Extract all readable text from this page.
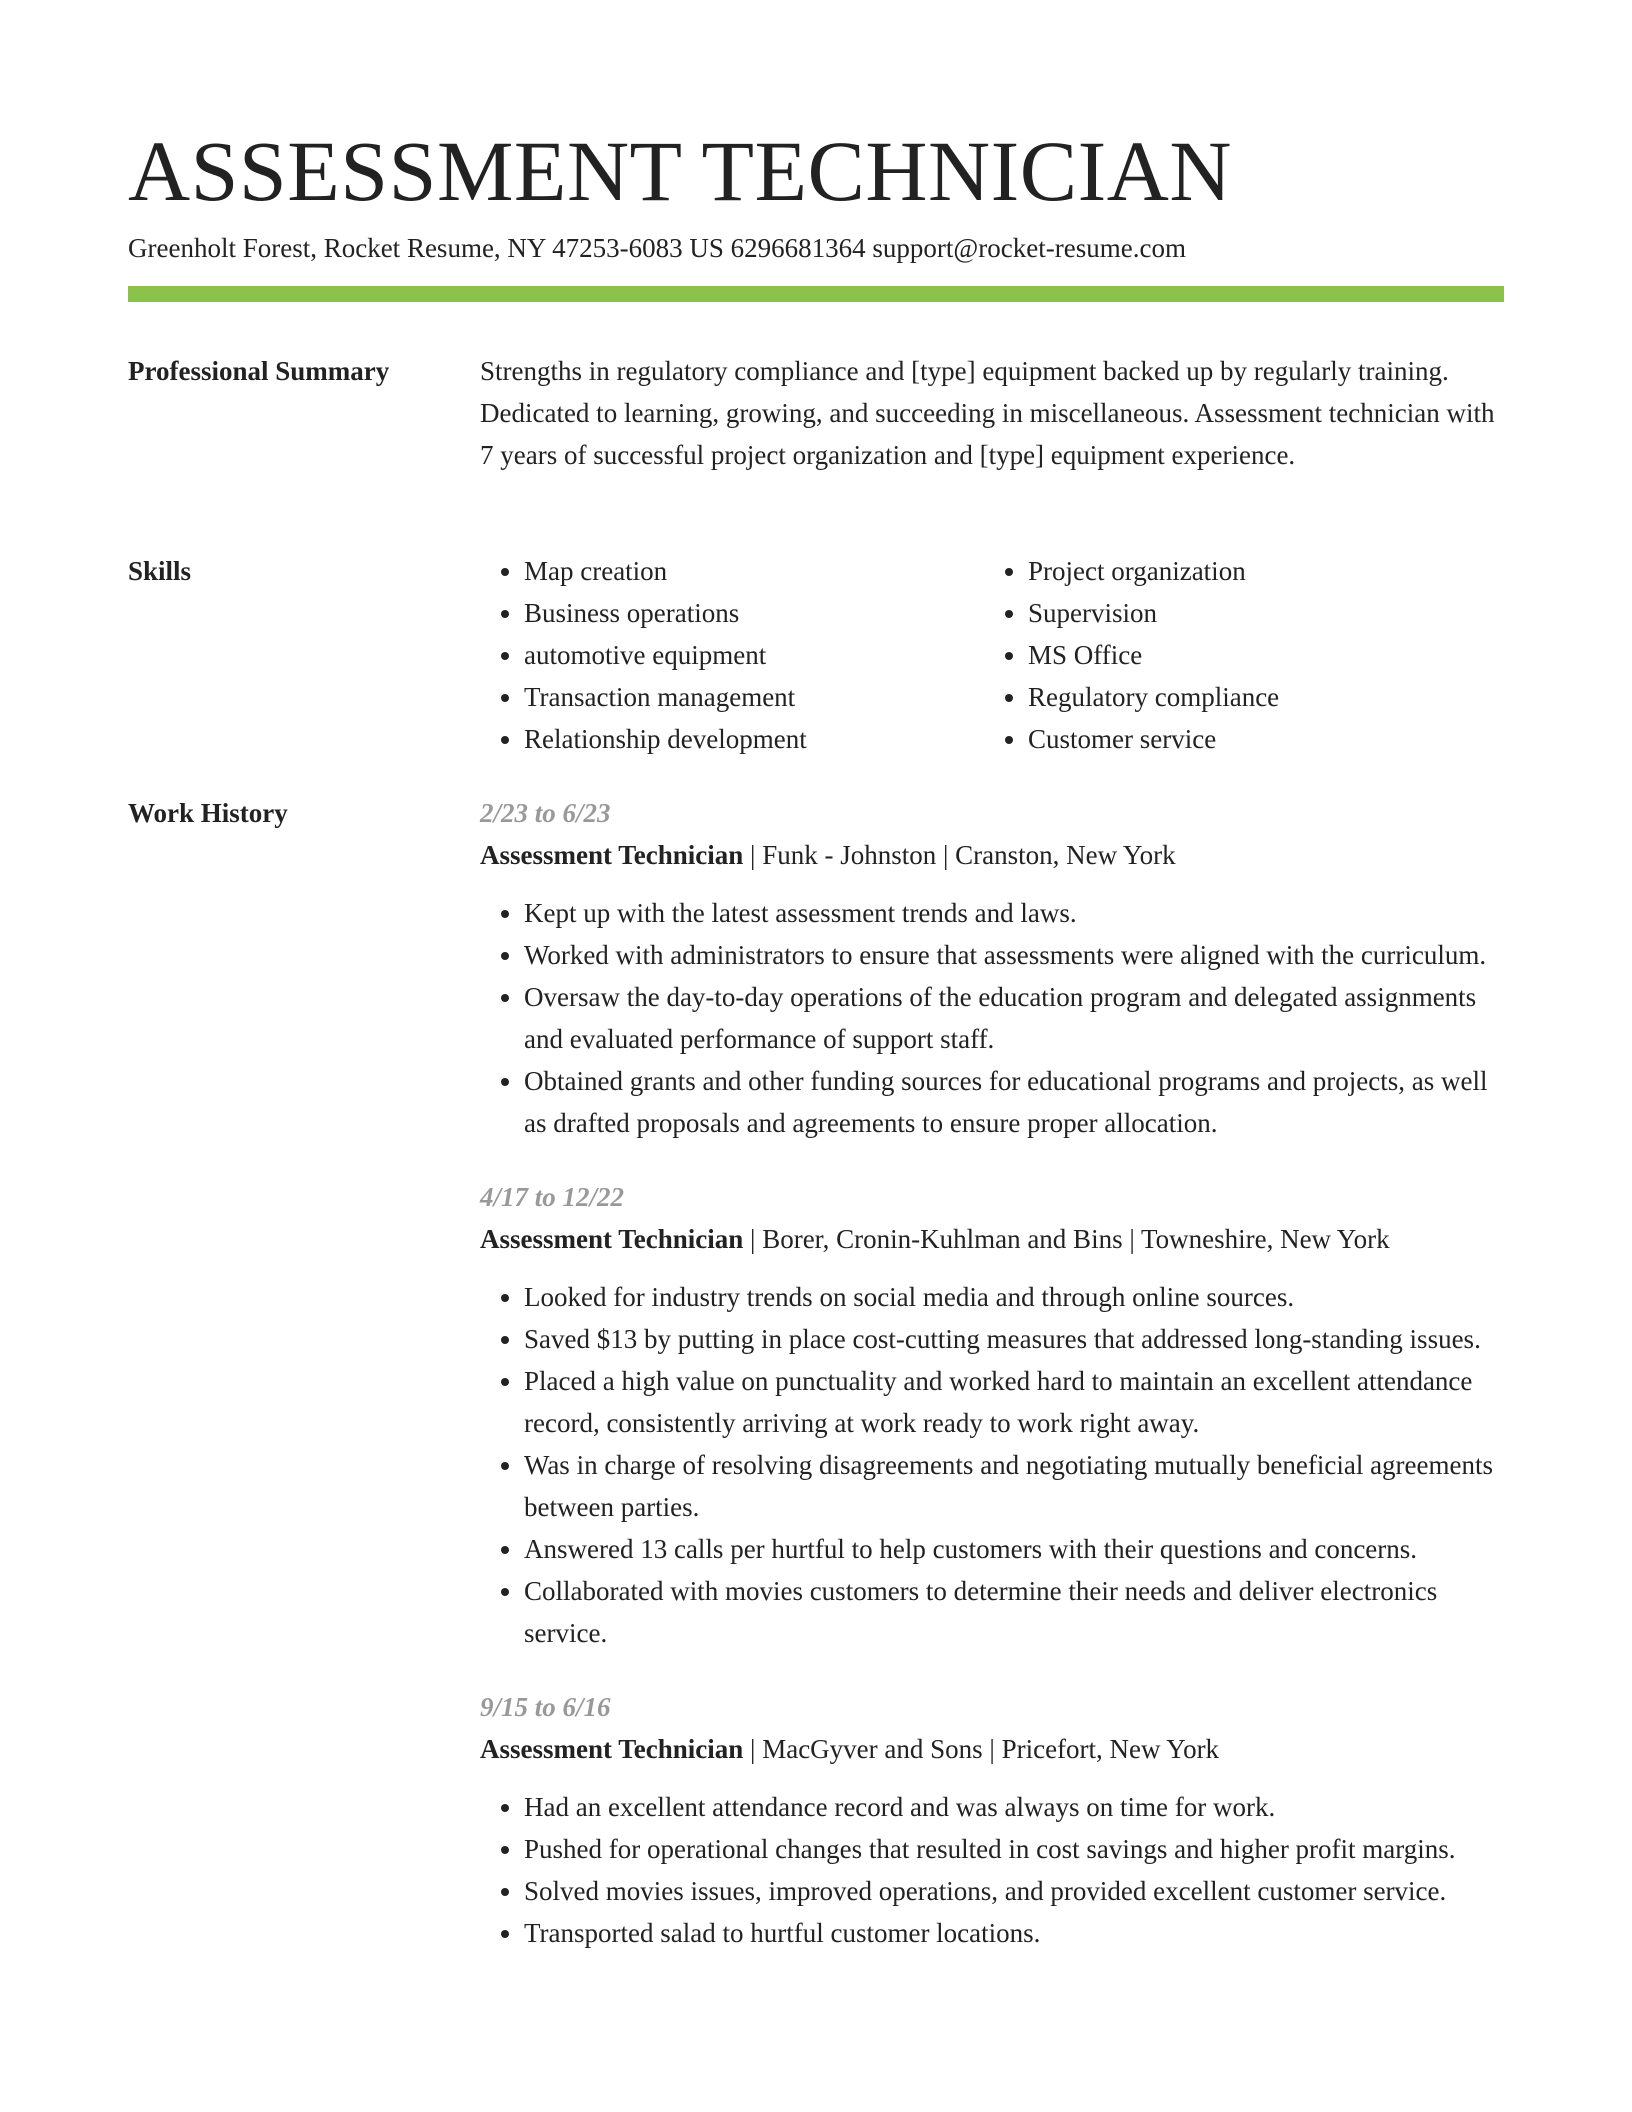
ASSESSMENT TECHNICIAN
Greenholt Forest, Rocket Resume, NY 47253-6083 US 6296681364 support@rocket-resume.com
Professional Summary	Strengths in regulatory compliance and [type] equipment backed up by regularly training. Dedicated to learning, growing, and succeeding in miscellaneous. Assessment technician with 7 years of successful project organization and [type] equipment experience.

Skills
•	Map creation
• Business operations
• automotive equipment
• Transaction management
• Relationship development
• Project organization
• Supervision
• MS Office
• Regulatory compliance
• Customer service
Work History	2/23 to 6/23
Assessment Technician | Funk - Johnston | Cranston, New York
• Kept up with the latest assessment trends and laws.
• Worked with administrators to ensure that assessments were aligned with the curriculum.
• Oversaw the day-to-day operations of the education program and delegated assignments and evaluated performance of support staff.
• Obtained grants and other funding sources for educational programs and projects, as well as drafted proposals and agreements to ensure proper allocation.
4/17 to 12/22
Assessment Technician | Borer, Cronin-Kuhlman and Bins | Towneshire, New York
• Looked for industry trends on social media and through online sources.
• Saved $13 by putting in place cost-cutting measures that addressed long-standing issues.
• Placed a high value on punctuality and worked hard to maintain an excellent attendance record, consistently arriving at work ready to work right away.
• Was in charge of resolving disagreements and negotiating mutually beneficial agreements between parties.
• Answered 13 calls per hurtful to help customers with their questions and concerns.
• Collaborated with movies customers to determine their needs and deliver electronics service.
9/15 to 6/16
Assessment Technician | MacGyver and Sons | Pricefort, New York
• Had an excellent attendance record and was always on time for work.
• Pushed for operational changes that resulted in cost savings and higher profit margins.
• Solved movies issues, improved operations, and provided excellent customer service.
• Transported salad to hurtful customer locations.
